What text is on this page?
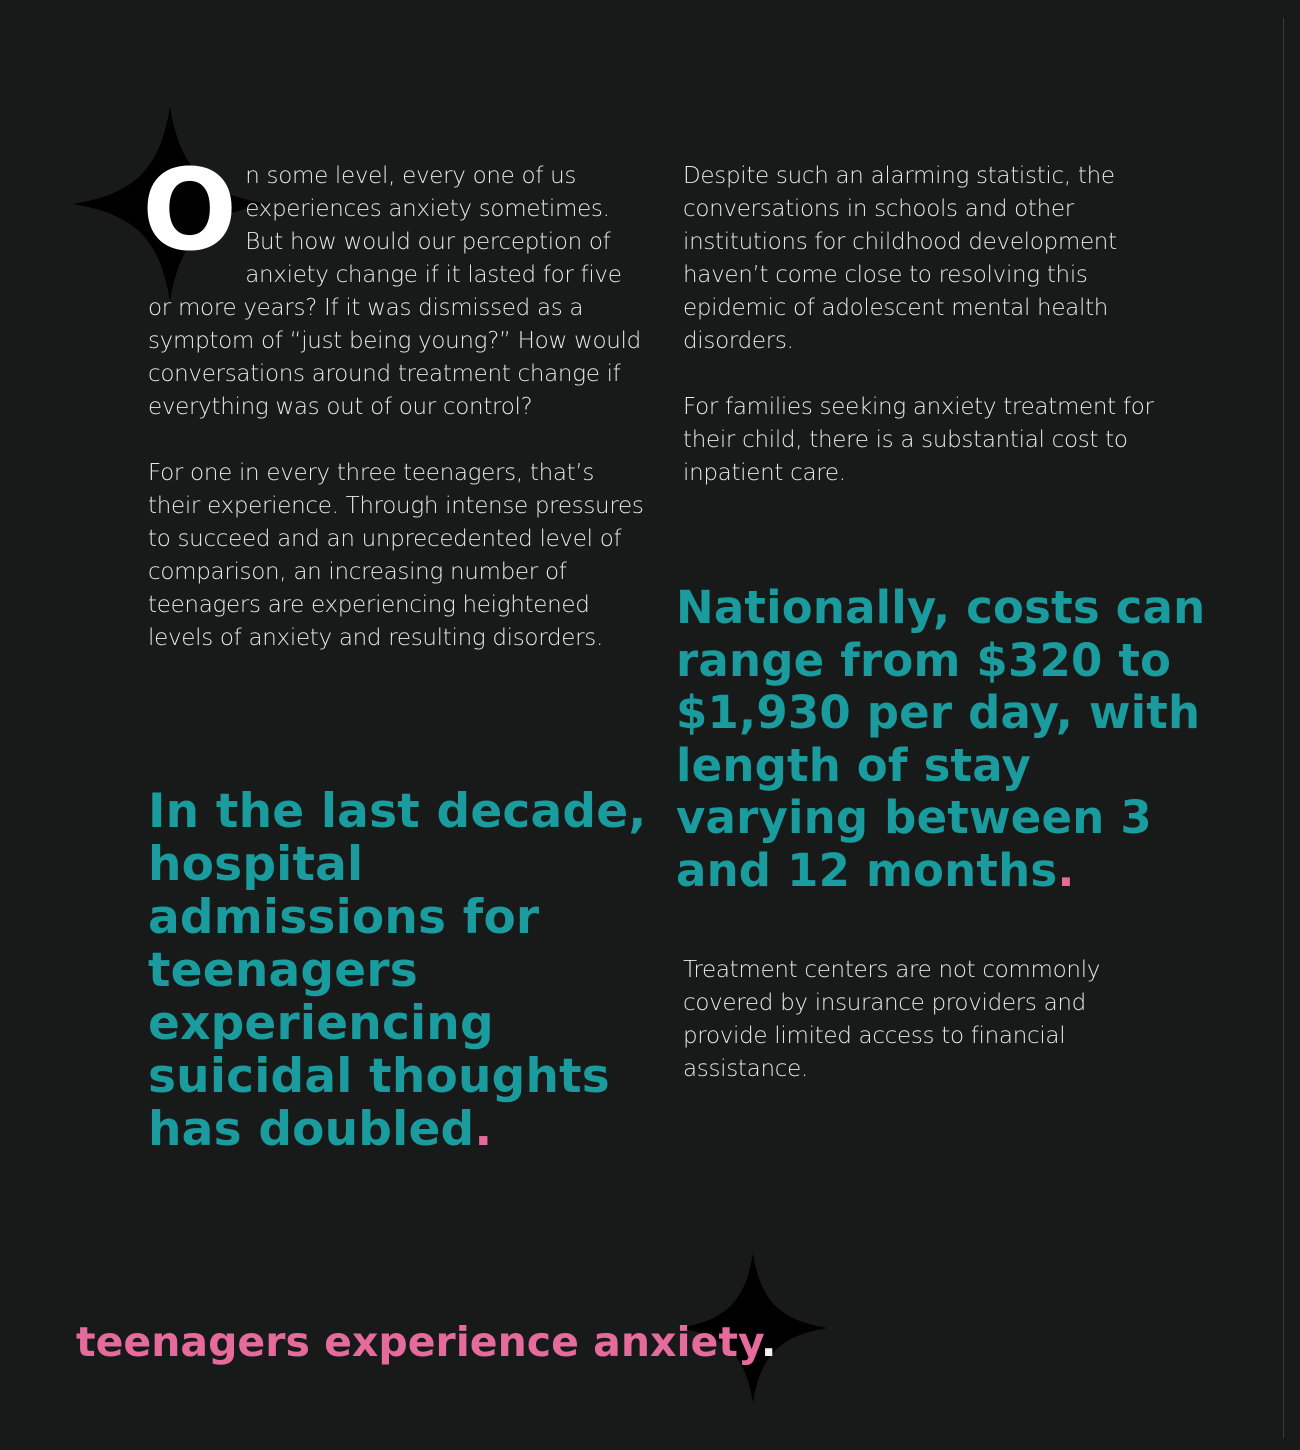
O n some level, every one of us experiences anxiety sometimes. But how would our perception of anxiety change if it lasted for five or more years? If it was dismissed as a symptom of “just being young?” How would conversations around treatment change if everything was out of our control?

For one in every three teenagers, that’s their experience. Through intense pressures to succeed and an unprecedented level of comparison, an increasing number of teenagers are experiencing heightened levels of anxiety and resulting disorders.

Despite such an alarming statistic, the conversations in schools and other institutions for childhood development haven’t come close to resolving this epidemic of adolescent mental health disorders.

For families seeking anxiety treatment for their child, there is a substantial cost to inpatient care.

Nationally, costs can range from $320 to $1,930 per day, with length of stay varying between 3 and 12 months.

In the last decade, hospital admissions for teenagers experiencing suicidal thoughts has doubled.

Treatment centers are not commonly covered by insurance providers and provide limited access to financial assistance.

teenagers experience anxiety.
